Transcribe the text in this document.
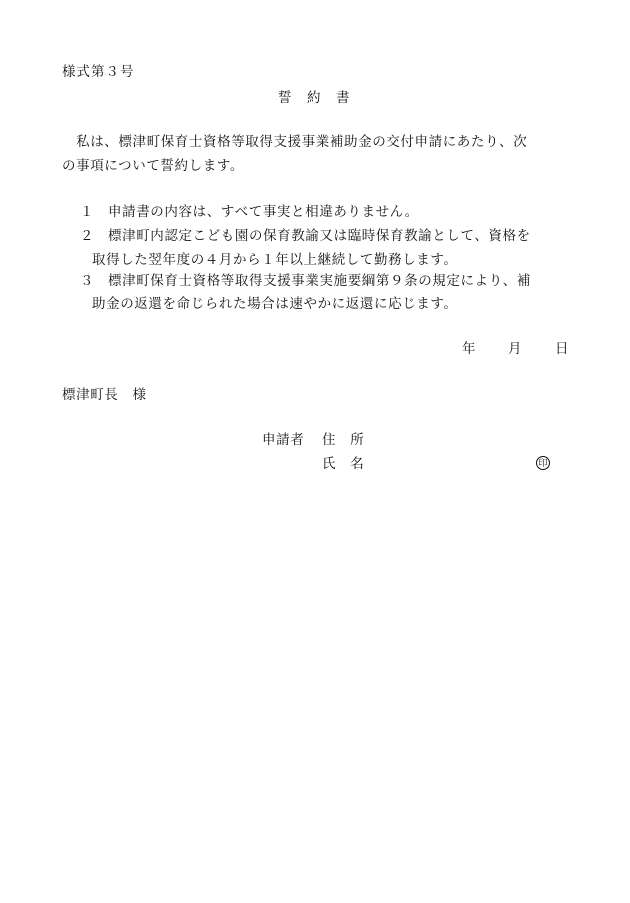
様式第３号
誓　約　書
　私は、標津町保育士資格等取得支援事業補助金の交付申請にあたり、次
の事項について誓約します。
１ 申請書の内容は、すべて事実と相違ありません。
２ 標津町内認定こども園の保育教諭又は臨時保育教諭として、資格を
取得した翌年度の４月から１年以上継続して勤務します。
３ 標津町保育士資格等取得支援事業実施要綱第９条の規定により、補
助金の返還を命じられた場合は速やかに返還に応じます。
年 月 日
標津町長　様
申請者 住　所
氏　名	印
